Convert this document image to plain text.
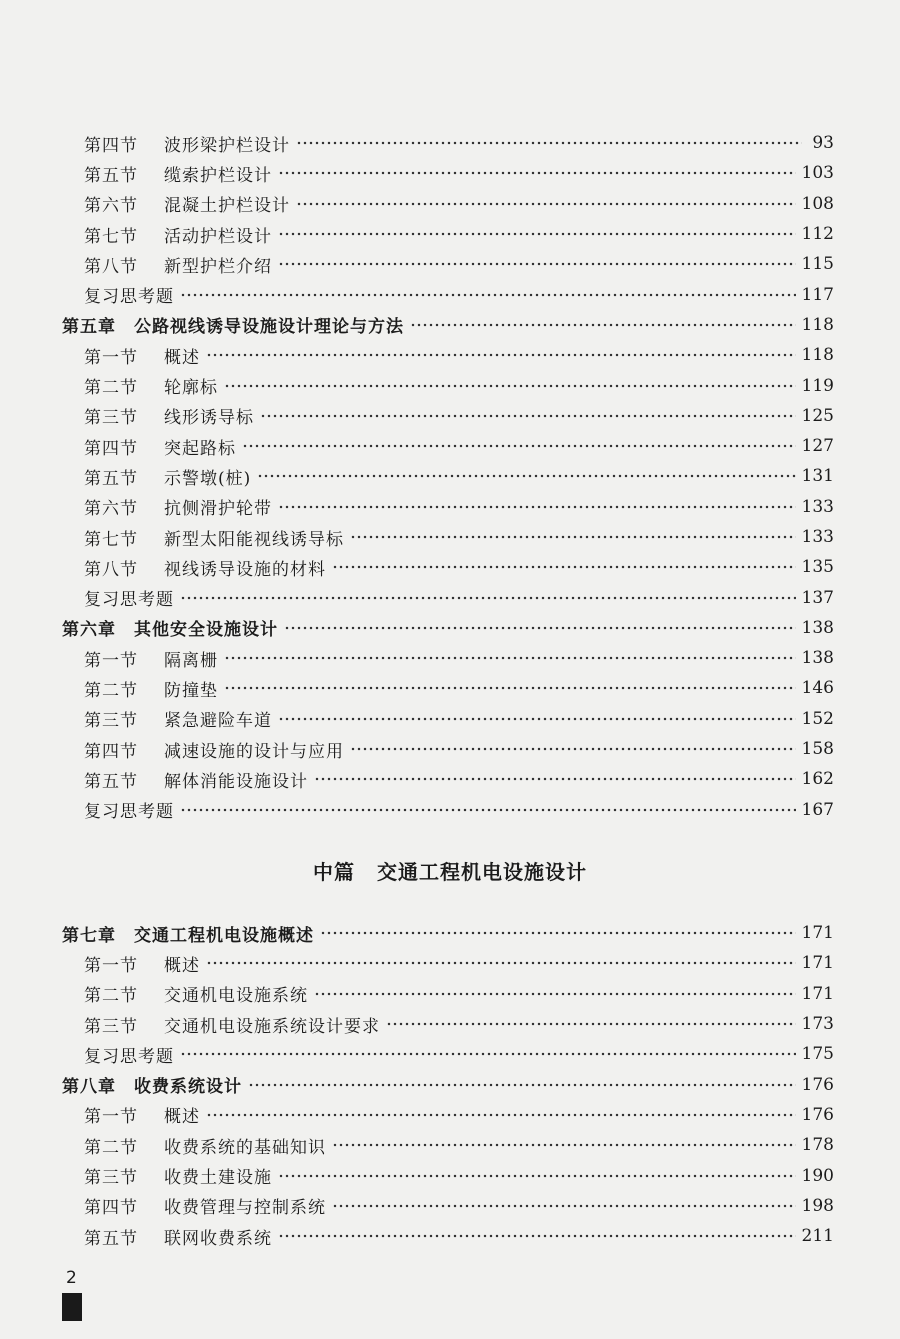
第四节	波形梁护栏设计	93
第五节	缆索护栏设计	103
第六节	混凝土护栏设计	108
第七节	活动护栏设计	112
第八节	新型护栏介绍	115
复习思考题	117
第五章 公路视线诱导设施设计理论与方法	118
第一节	概述	118
第二节	轮廓标	119
第三节	线形诱导标	125
第四节	突起路标	127
第五节	示警墩(桩)	131
第六节	抗侧滑护轮带	133
第七节	新型太阳能视线诱导标	133
第八节	视线诱导设施的材料	135
复习思考题	137
第六章 其他安全设施设计	138
第一节	隔离栅	138
第二节	防撞垫	146
第三节	紧急避险车道	152
第四节	减速设施的设计与应用	158
第五节	解体消能设施设计	162
复习思考题	167
中篇 交通工程机电设施设计
第七章 交通工程机电设施概述	171
第一节	概述	171
第二节	交通机电设施系统	171
第三节	交通机电设施系统设计要求	173
复习思考题	175
第八章 收费系统设计	176
第一节	概述	176
第二节	收费系统的基础知识	178
第三节	收费土建设施	190
第四节	收费管理与控制系统	198
第五节	联网收费系统	211
2
